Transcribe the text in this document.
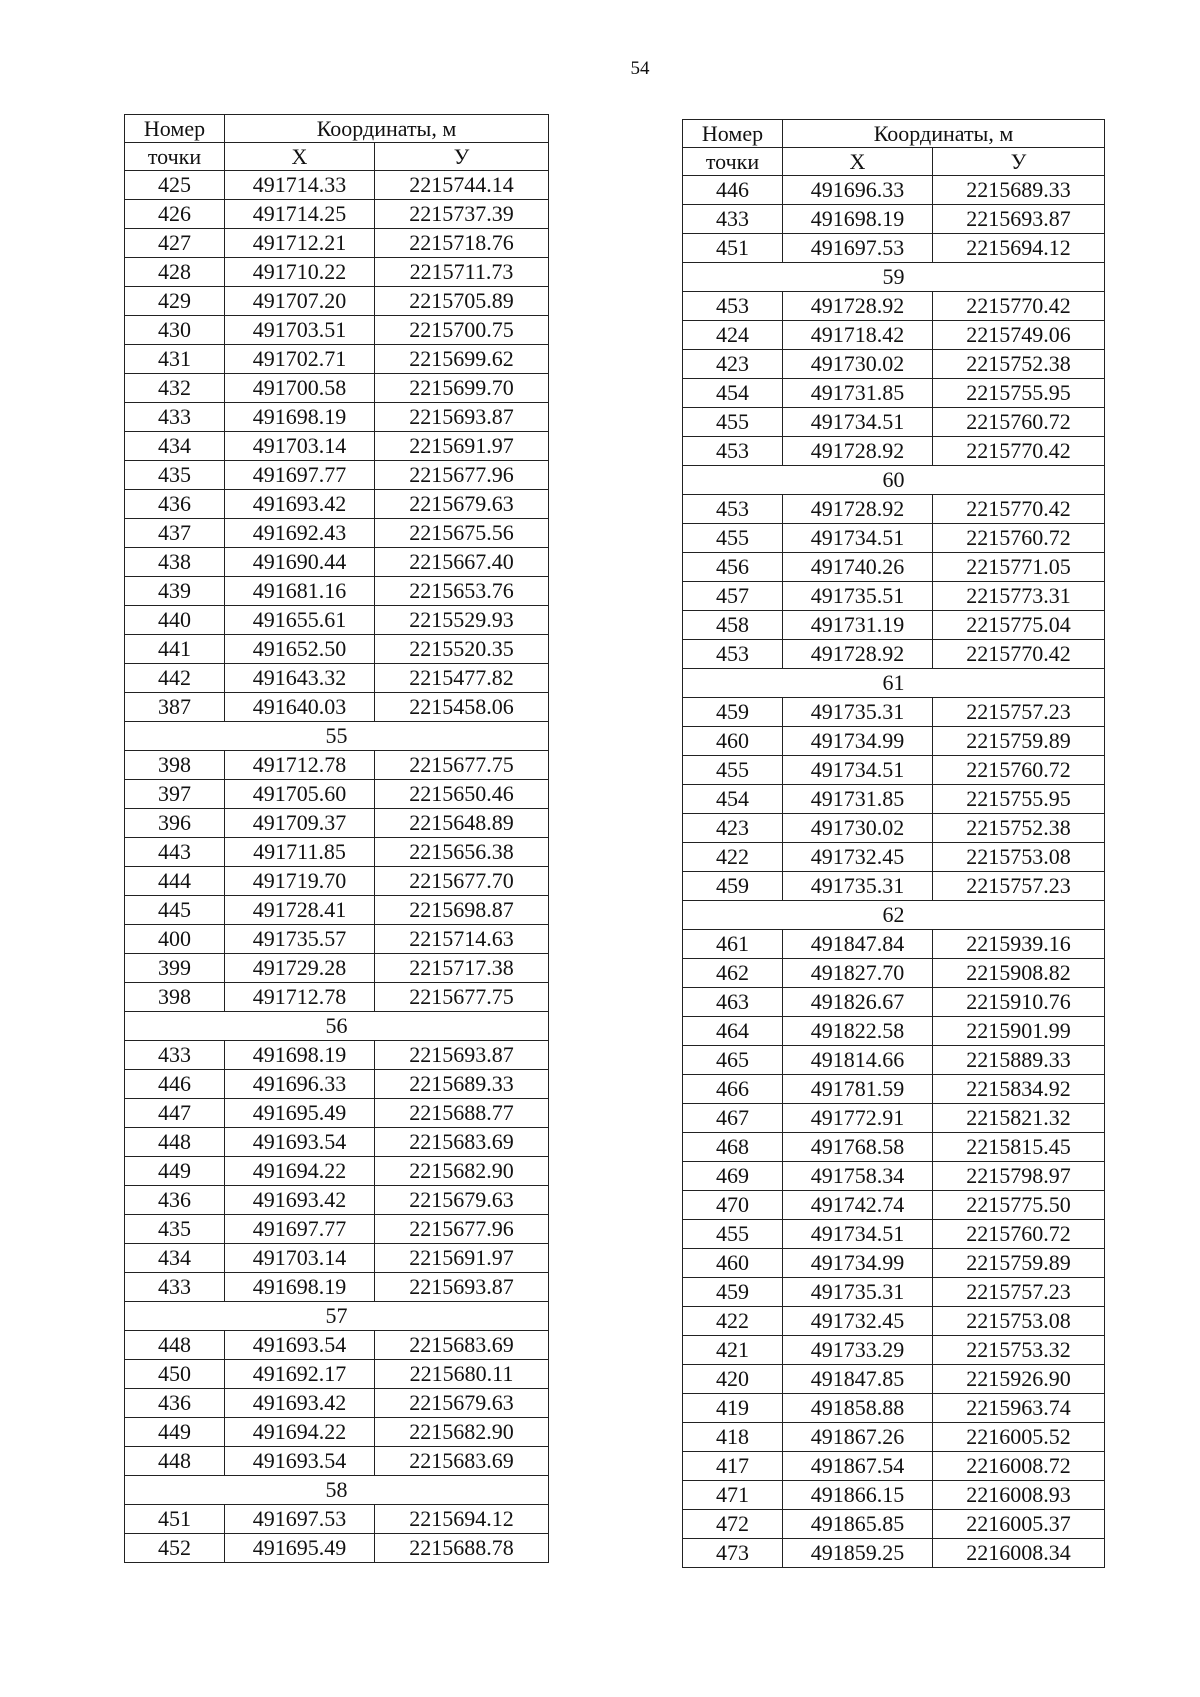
54
Номер	Координаты, м	
точки	X	У
425	491714.33	2215744.14
426	491714.25	2215737.39
427	491712.21	2215718.76
428	491710.22	2215711.73
429	491707.20	2215705.89
430	491703.51	2215700.75
431	491702.71	2215699.62
432	491700.58	2215699.70
433	491698.19	2215693.87
434	491703.14	2215691.97
435	491697.77	2215677.96
436	491693.42	2215679.63
437	491692.43	2215675.56
438	491690.44	2215667.40
439	491681.16	2215653.76
440	491655.61	2215529.93
441	491652.50	2215520.35
442	491643.32	2215477.82
387	491640.03	2215458.06
55		
398	491712.78	2215677.75
397	491705.60	2215650.46
396	491709.37	2215648.89
443	491711.85	2215656.38
444	491719.70	2215677.70
445	491728.41	2215698.87
400	491735.57	2215714.63
399	491729.28	2215717.38
398	491712.78	2215677.75
56		
433	491698.19	2215693.87
446	491696.33	2215689.33
447	491695.49	2215688.77
448	491693.54	2215683.69
449	491694.22	2215682.90
436	491693.42	2215679.63
435	491697.77	2215677.96
434	491703.14	2215691.97
433	491698.19	2215693.87
57		
448	491693.54	2215683.69
450	491692.17	2215680.11
436	491693.42	2215679.63
449	491694.22	2215682.90
448	491693.54	2215683.69
58		
451	491697.53	2215694.12
452	491695.49	2215688.78
Номер	Координаты, м	
точки	X	У
446	491696.33	2215689.33
433	491698.19	2215693.87
451	491697.53	2215694.12
59		
453	491728.92	2215770.42
424	491718.42	2215749.06
423	491730.02	2215752.38
454	491731.85	2215755.95
455	491734.51	2215760.72
453	491728.92	2215770.42
60		
453	491728.92	2215770.42
455	491734.51	2215760.72
456	491740.26	2215771.05
457	491735.51	2215773.31
458	491731.19	2215775.04
453	491728.92	2215770.42
61		
459	491735.31	2215757.23
460	491734.99	2215759.89
455	491734.51	2215760.72
454	491731.85	2215755.95
423	491730.02	2215752.38
422	491732.45	2215753.08
459	491735.31	2215757.23
62		
461	491847.84	2215939.16
462	491827.70	2215908.82
463	491826.67	2215910.76
464	491822.58	2215901.99
465	491814.66	2215889.33
466	491781.59	2215834.92
467	491772.91	2215821.32
468	491768.58	2215815.45
469	491758.34	2215798.97
470	491742.74	2215775.50
455	491734.51	2215760.72
460	491734.99	2215759.89
459	491735.31	2215757.23
422	491732.45	2215753.08
421	491733.29	2215753.32
420	491847.85	2215926.90
419	491858.88	2215963.74
418	491867.26	2216005.52
417	491867.54	2216008.72
471	491866.15	2216008.93
472	491865.85	2216005.37
473	491859.25	2216008.34
